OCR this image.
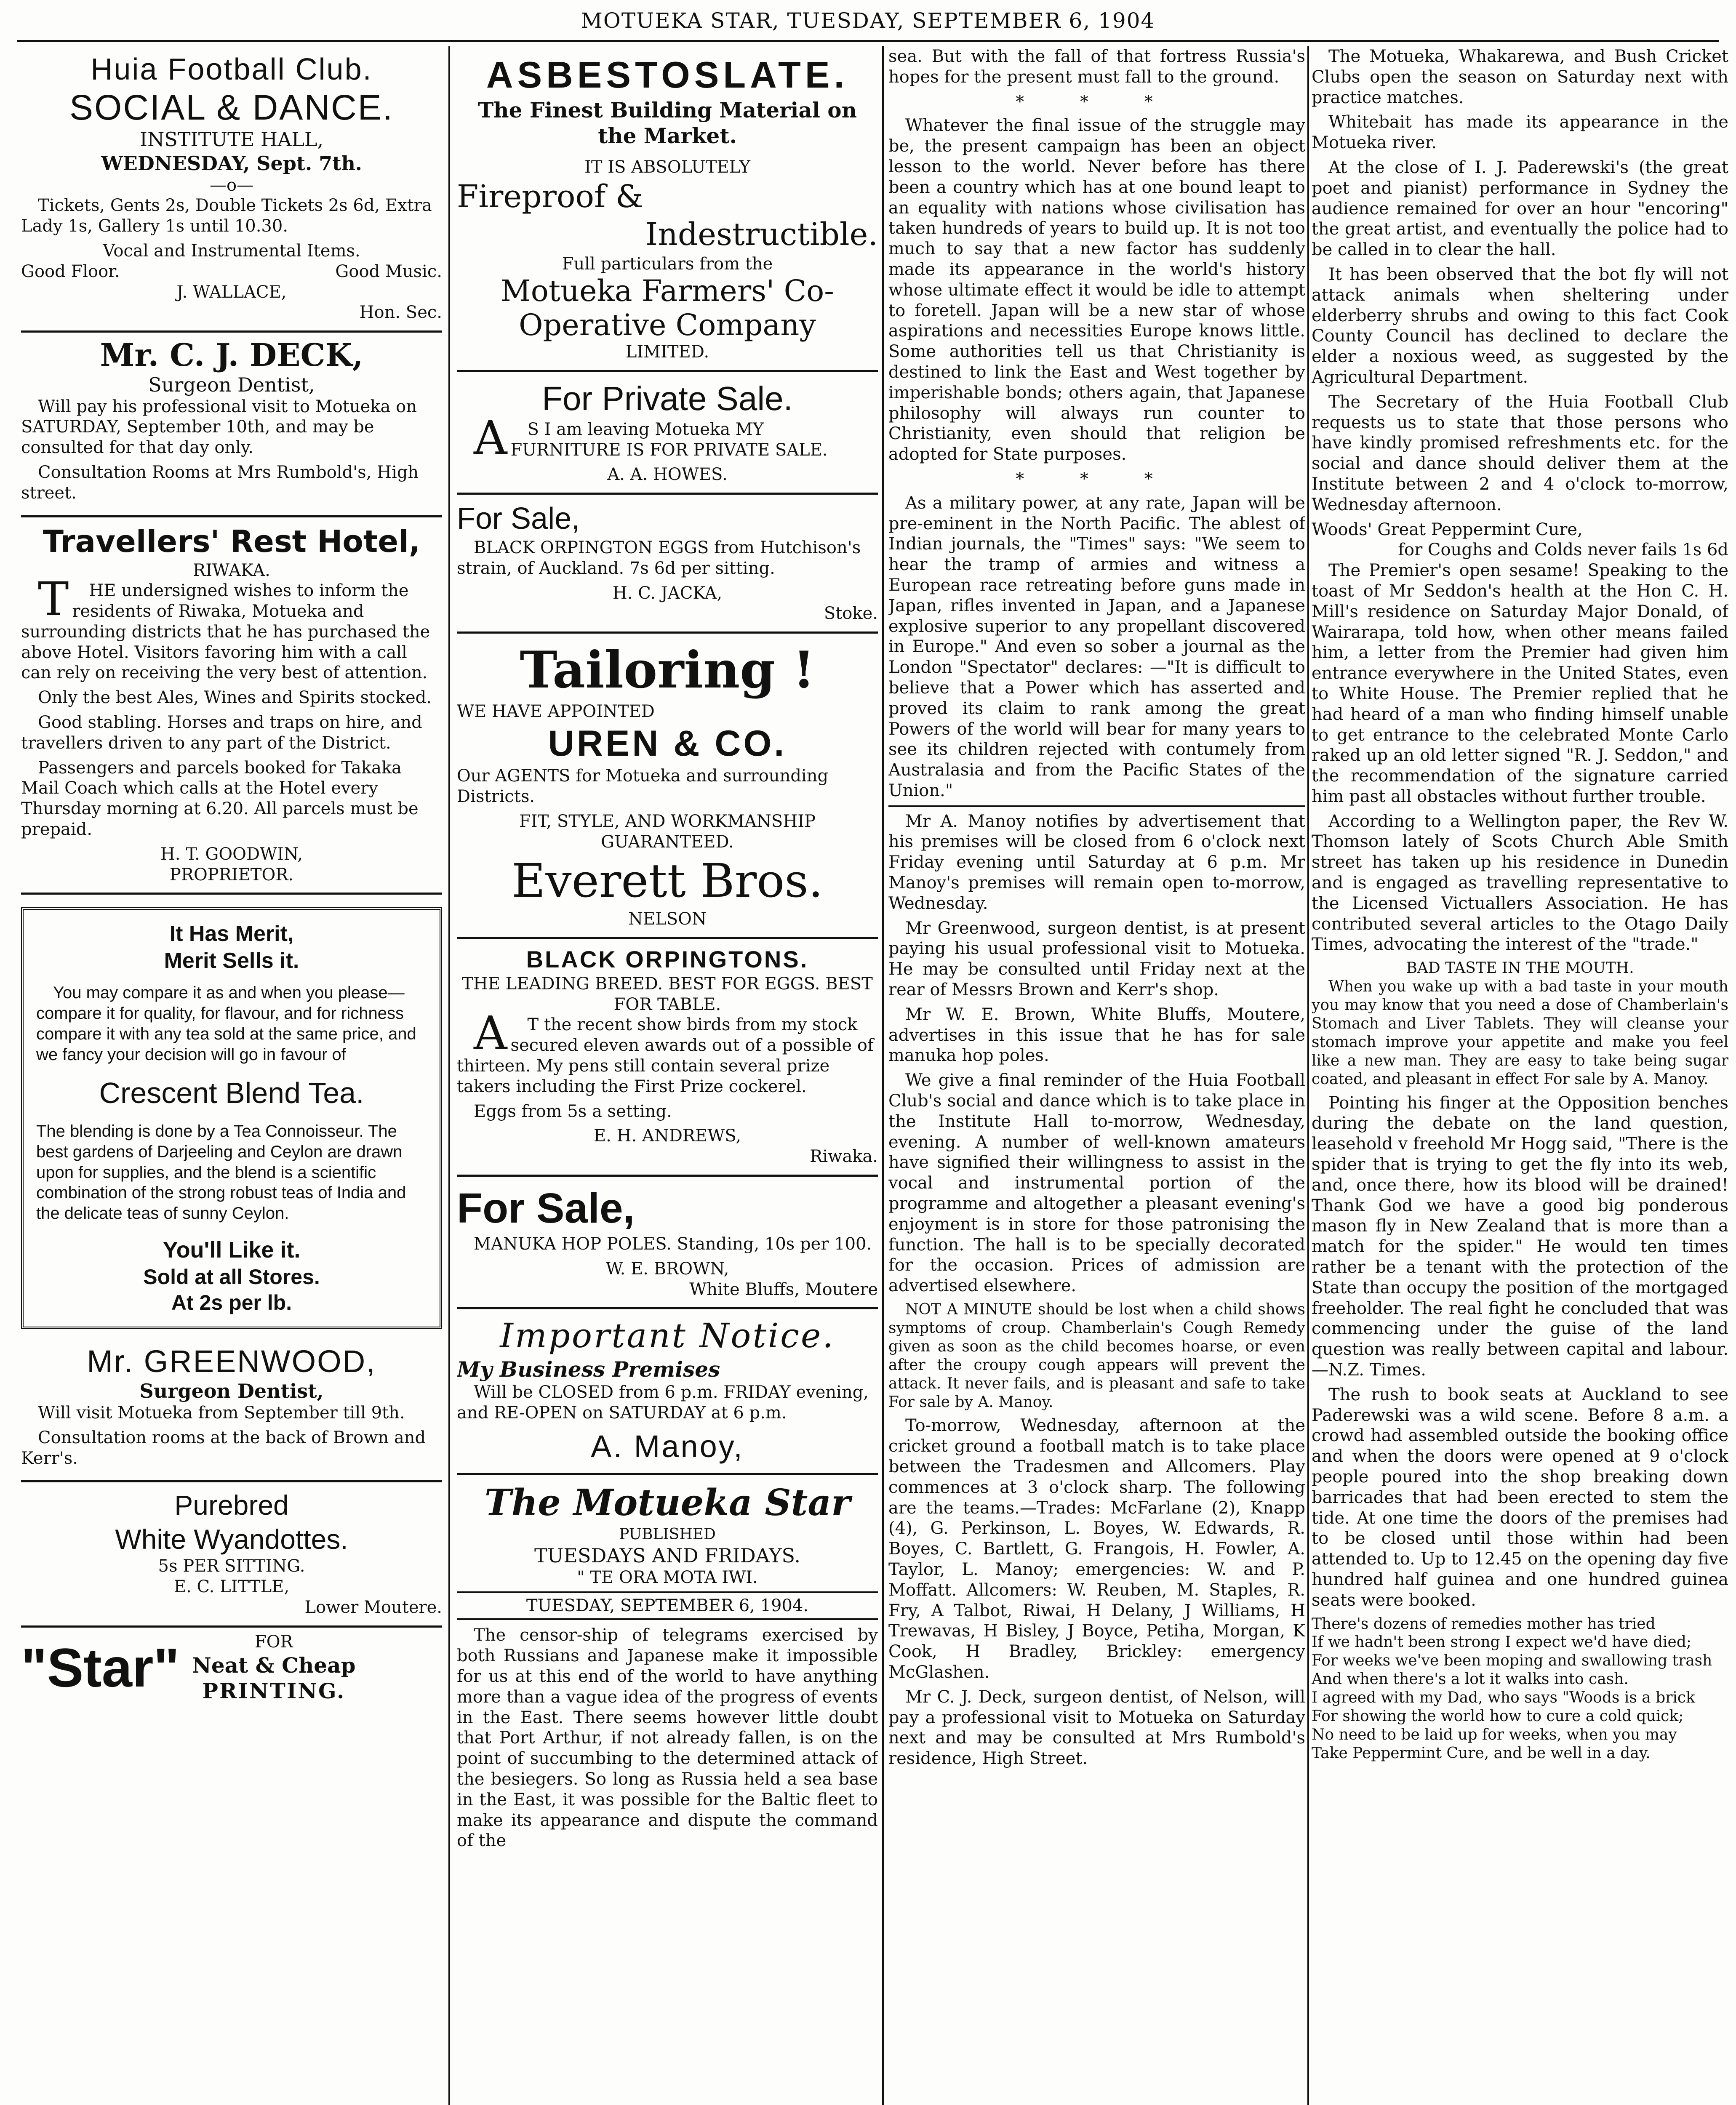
MOTUEKA STAR, TUESDAY, SEPTEMBER 6, 1904
Huia Football Club.
SOCIAL & DANCE.
INSTITUTE HALL,
WEDNESDAY, Sept. 7th.
—o—

Tickets, Gents 2s, Double Tickets 2s 6d, Extra Lady 1s, Gallery 1s until 10.30.

Vocal and Instrumental Items.
Good Floor.	Good Music.
J. WALLACE,
Hon. Sec.
Mr. C. J. DECK,
Surgeon Dentist,

Will pay his professional visit to Motueka on SATURDAY, September 10th, and may be consulted for that day only.

Consultation Rooms at Mrs Rumbold's, High street.

Travellers' Rest Hotel,
RIWAKA.

THE undersigned wishes to inform the residents of Riwaka, Motueka and surrounding districts that he has purchased the above Hotel. Visitors favoring him with a call can rely on receiving the very best of attention.

Only the best Ales, Wines and Spirits stocked.

Good stabling. Horses and traps on hire, and travellers driven to any part of the District.

Passengers and parcels booked for Takaka Mail Coach which calls at the Hotel every Thursday morning at 6.20. All parcels must be prepaid.

H. T. GOODWIN,
PROPRIETOR.
It Has Merit,
Merit Sells it.

You may compare it as and when you please—compare it for quality, for flavour, and for richness compare it with any tea sold at the same price, and we fancy your decision will go in favour of

Crescent Blend Tea.

The blending is done by a Tea Connoisseur. The best gardens of Darjeeling and Ceylon are drawn upon for supplies, and the blend is a scientific combination of the strong robust teas of India and the delicate teas of sunny Ceylon.

You'll Like it.
Sold at all Stores.
At 2s per lb.
Mr. GREENWOOD,
Surgeon Dentist,

Will visit Motueka from September till 9th.

Consultation rooms at the back of Brown and Kerr's.

Purebred
White Wyandottes.
5s PER SITTING.
E. C. LITTLE,
Lower Moutere.
"Star"	FOR
Neat & Cheap
PRINTING.
ASBESTOSLATE.
The Finest Building Material on the Market.
IT IS ABSOLUTELY
Fireproof &
Indestructible.
Full particulars from the
Motueka Farmers' Co-Operative Company
LIMITED.
For Private Sale.

AS I am leaving Motueka MY FURNITURE IS FOR PRIVATE SALE.

A. A. HOWES.
For Sale,

BLACK ORPINGTON EGGS from Hutchison's strain, of Auckland. 7s 6d per sitting.

H. C. JACKA,
Stoke.
Tailoring !
WE HAVE APPOINTED
UREN & CO.

Our AGENTS for Motueka and surrounding Districts.

FIT, STYLE, AND WORKMANSHIP GUARANTEED.
Everett Bros.
NELSON
BLACK ORPINGTONS.
THE LEADING BREED. BEST FOR EGGS. BEST FOR TABLE.

AT the recent show birds from my stock secured eleven awards out of a possible of thirteen. My pens still contain several prize takers including the First Prize cockerel.

Eggs from 5s a setting.

E. H. ANDREWS,
Riwaka.
For Sale,

MANUKA HOP POLES. Standing, 10s per 100.

W. E. BROWN,
White Bluffs, Moutere
Important Notice.
My Business Premises

Will be CLOSED from 6 p.m. FRIDAY evening, and RE-OPEN on SATURDAY at 6 p.m.

A. Manoy,
The Motueka Star
PUBLISHED
TUESDAYS AND FRIDAYS.
" TE ORA MOTA IWI.
TUESDAY, SEPTEMBER 6, 1904.

The censor-ship of telegrams exercised by both Russians and Japanese make it impossible for us at this end of the world to have anything more than a vague idea of the progress of events in the East. There seems however little doubt that Port Arthur, if not already fallen, is on the point of succumbing to the determined attack of the besiegers. So long as Russia held a sea base in the East, it was possible for the Baltic fleet to make its appearance and dispute the command of the

sea. But with the fall of that fortress Russia's hopes for the present must fall to the ground.

* * *

Whatever the final issue of the struggle may be, the present campaign has been an object lesson to the world. Never before has there been a country which has at one bound leapt to an equality with nations whose civilisation has taken hundreds of years to build up. It is not too much to say that a new factor has suddenly made its appearance in the world's history whose ultimate effect it would be idle to attempt to foretell. Japan will be a new star of whose aspirations and necessities Europe knows little. Some authorities tell us that Christianity is destined to link the East and West together by imperishable bonds; others again, that Japanese philosophy will always run counter to Christianity, even should that religion be adopted for State purposes.

* * *

As a military power, at any rate, Japan will be pre-eminent in the North Pacific. The ablest of Indian journals, the "Times" says: "We seem to hear the tramp of armies and witness a European race retreating before guns made in Japan, rifles invented in Japan, and a Japanese explosive superior to any propellant discovered in Europe." And even so sober a journal as the London "Spectator" declares: —"It is difficult to believe that a Power which has asserted and proved its claim to rank among the great Powers of the world will bear for many years to see its children rejected with contumely from Australasia and from the Pacific States of the Union."

Mr A. Manoy notifies by advertisement that his premises will be closed from 6 o'clock next Friday evening until Saturday at 6 p.m. Mr Manoy's premises will remain open to-morrow, Wednesday.

Mr Greenwood, surgeon dentist, is at present paying his usual professional visit to Motueka. He may be consulted until Friday next at the rear of Messrs Brown and Kerr's shop.

Mr W. E. Brown, White Bluffs, Moutere, advertises in this issue that he has for sale manuka hop poles.

We give a final reminder of the Huia Football Club's social and dance which is to take place in the Institute Hall to-morrow, Wednesday, evening. A number of well-known amateurs have signified their willingness to assist in the vocal and instrumental portion of the programme and altogether a pleasant evening's enjoyment is in store for those patronising the function. The hall is to be specially decorated for the occasion. Prices of admission are advertised elsewhere.

NOT A MINUTE should be lost when a child shows symptoms of croup. Chamberlain's Cough Remedy given as soon as the child becomes hoarse, or even after the croupy cough appears will prevent the attack. It never fails, and is pleasant and safe to take For sale by A. Manoy.

To-morrow, Wednesday, afternoon at the cricket ground a football match is to take place between the Tradesmen and Allcomers. Play commences at 3 o'clock sharp. The following are the teams.—Trades: McFarlane (2), Knapp (4), G. Perkinson, L. Boyes, W. Edwards, R. Boyes, C. Bartlett, G. Frangois, H. Fowler, A. Taylor, L. Manoy; emergencies: W. and P. Moffatt. Allcomers: W. Reuben, M. Staples, R. Fry, A Talbot, Riwai, H Delany, J Williams, H Trewavas, H Bisley, J Boyce, Petiha, Morgan, K Cook, H Bradley, Brickley: emergency McGlashen.

Mr C. J. Deck, surgeon dentist, of Nelson, will pay a professional visit to Motueka on Saturday next and may be consulted at Mrs Rumbold's residence, High Street.

The Motueka, Whakarewa, and Bush Cricket Clubs open the season on Saturday next with practice matches.

Whitebait has made its appearance in the Motueka river.

At the close of I. J. Paderewski's (the great poet and pianist) performance in Sydney the audience remained for over an hour "encoring" the great artist, and eventually the police had to be called in to clear the hall.

It has been observed that the bot fly will not attack animals when sheltering under elderberry shrubs and owing to this fact Cook County Council has declined to declare the elder a noxious weed, as suggested by the Agricultural Department.

The Secretary of the Huia Football Club requests us to state that those persons who have kindly promised refreshments etc. for the social and dance should deliver them at the Institute between 2 and 4 o'clock to-morrow, Wednesday afternoon.

Woods' Great Peppermint Cure,
for Coughs and Colds never fails 1s 6d

The Premier's open sesame! Speaking to the toast of Mr Seddon's health at the Hon C. H. Mill's residence on Saturday Major Donald, of Wairarapa, told how, when other means failed him, a letter from the Premier had given him entrance everywhere in the United States, even to White House. The Premier replied that he had heard of a man who finding himself unable to get entrance to the celebrated Monte Carlo raked up an old letter signed "R. J. Seddon," and the recommendation of the signature carried him past all obstacles without further trouble.

According to a Wellington paper, the Rev W. Thomson lately of Scots Church Able Smith street has taken up his residence in Dunedin and is engaged as travelling representative to the Licensed Victuallers Association. He has contributed several articles to the Otago Daily Times, advocating the interest of the "trade."

BAD TASTE IN THE MOUTH.

When you wake up with a bad taste in your mouth you may know that you need a dose of Chamberlain's Stomach and Liver Tablets. They will cleanse your stomach improve your appetite and make you feel like a new man. They are easy to take being sugar coated, and pleasant in effect For sale by A. Manoy.

Pointing his finger at the Opposition benches during the debate on the land question, leasehold v freehold Mr Hogg said, "There is the spider that is trying to get the fly into its web, and, once there, how its blood will be drained! Thank God we have a good big ponderous mason fly in New Zealand that is more than a match for the spider." He would ten times rather be a tenant with the protection of the State than occupy the position of the mortgaged freeholder. The real fight he concluded that was commencing under the guise of the land question was really between capital and labour.—N.Z. Times.

The rush to book seats at Auckland to see Paderewski was a wild scene. Before 8 a.m. a crowd had assembled outside the booking office and when the doors were opened at 9 o'clock people poured into the shop breaking down barricades that had been erected to stem the tide. At one time the doors of the premises had to be closed until those within had been attended to. Up to 12.45 on the opening day five hundred half guinea and one hundred guinea seats were booked.

There's dozens of remedies mother has tried
If we hadn't been strong I expect we'd have died;
For weeks we've been moping and swallowing trash
And when there's a lot it walks into cash.
I agreed with my Dad, who says "Woods is a brick
For showing the world how to cure a cold quick;
No need to be laid up for weeks, when you may
Take Peppermint Cure, and be well in a day.
